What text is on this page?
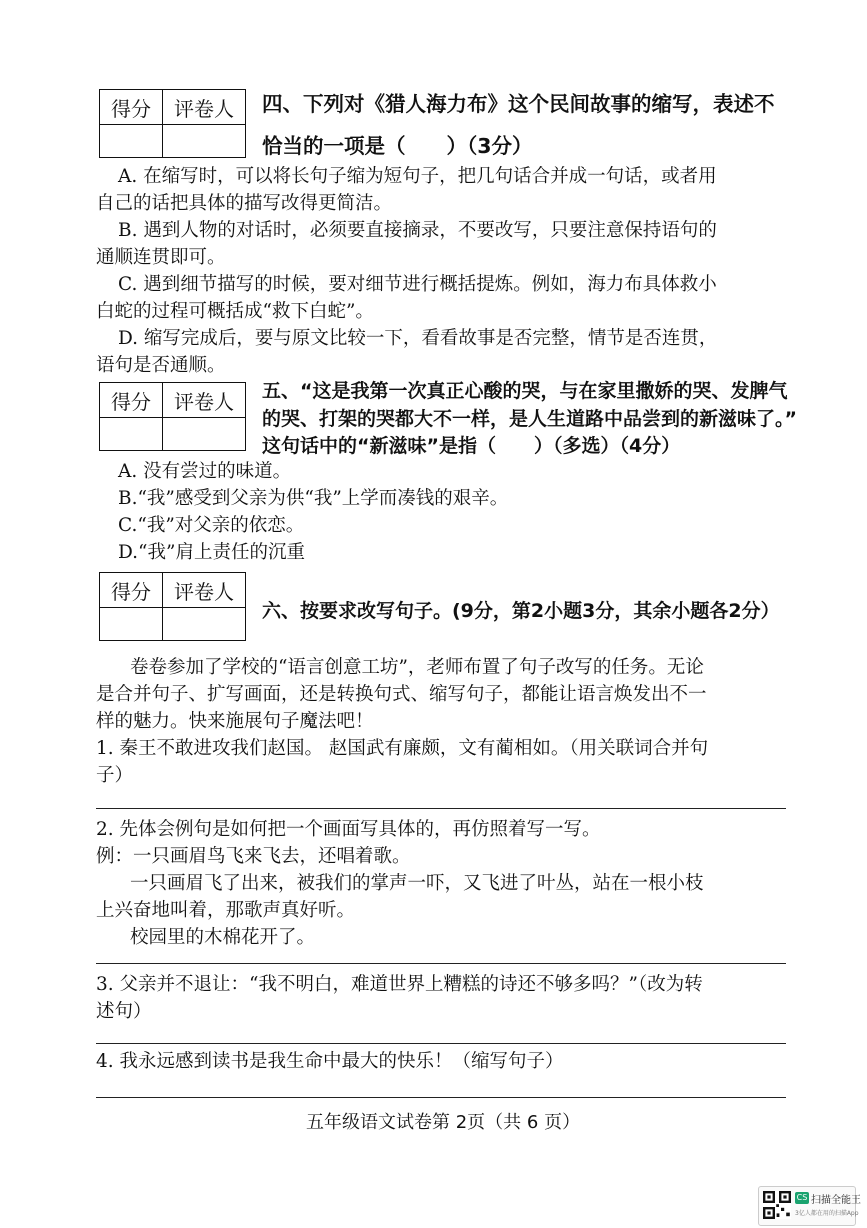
得分	评卷人
	四、下列对《猎人海力布》这个民间故事的缩写，表述不
恰当的一项是（　　）（3分）
A. 在缩写时，可以将长句子缩为短句子，把几句话合并成一句话，或者用
自己的话把具体的描写改得更简洁。
B. 遇到人物的对话时，必须要直接摘录，不要改写，只要注意保持语句的
通顺连贯即可。
C. 遇到细节描写的时候，要对细节进行概括提炼。例如，海力布具体救小
白蛇的过程可概括成“救下白蛇”。
D. 缩写完成后，要与原文比较一下，看看故事是否完整，情节是否连贯，
语句是否通顺。
得分	评卷人
	五、“这是我第一次真正心酸的哭，与在家里撒娇的哭、发脾气
的哭、打架的哭都大不一样，是人生道路中品尝到的新滋味了。”
这句话中的“新滋味”是指（　　）（多选）（4分）
A. 没有尝过的味道。
B.“我”感受到父亲为供“我”上学而凑钱的艰辛。
C.“我”对父亲的依恋。
D.“我”肩上责任的沉重
得分	评卷人

六、按要求改写句子。(9分，第2小题3分，其余小题各2分）
卷卷参加了学校的“语言创意工坊”，老师布置了句子改写的任务。无论
是合并句子、扩写画面，还是转换句式、缩写句子，都能让语言焕发出不一
样的魅力。快来施展句子魔法吧！
1. 秦王不敢进攻我们赵国。 赵国武有廉颇，文有蔺相如。（用关联词合并句
子）
2. 先体会例句是如何把一个画面写具体的，再仿照着写一写。
例：一只画眉鸟飞来飞去，还唱着歌。
一只画眉飞了出来，被我们的掌声一吓，又飞进了叶丛，站在一根小枝
上兴奋地叫着，那歌声真好听。
校园里的木棉花开了。
3. 父亲并不退让：“我不明白，难道世界上糟糕的诗还不够多吗？”（改为转
述句）
4. 我永远感到读书是我生命中最大的快乐！（缩写句子）
五年级语文试卷第 2页（共 6 页）
CS 扫描全能王
3亿人都在用的扫描App
